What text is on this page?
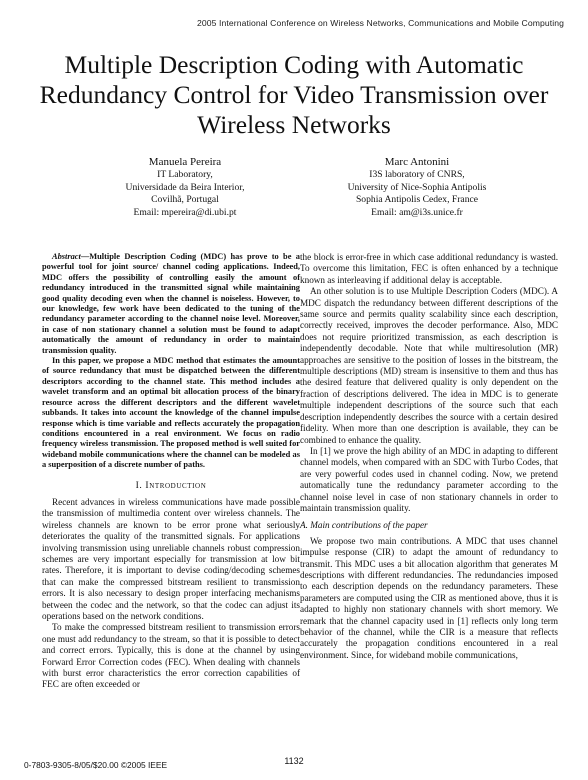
2005 International Conference on Wireless Networks, Communications and Mobile Computing
Multiple Description Coding with Automatic
Redundancy Control for Video Transmission over
Wireless Networks
Manuela Pereira
IT Laboratory,
Universidade da Beira Interior,
Covilhã, Portugal
Email: mpereira@di.ubi.pt
Marc Antonini
I3S laboratory of CNRS,
University of Nice-Sophia Antipolis
Sophia Antipolis Cedex, France
Email: am@i3s.unice.fr

Abstract—Multiple Description Coding (MDC) has prove to be a powerful tool for joint source/ channel coding applications. Indeed, MDC offers the possibility of controlling easily the amount of redundancy introduced in the transmitted signal while maintaining good quality decoding even when the channel is noiseless. However, to our knowledge, few work have been dedicated to the tuning of the redundancy parameter according to the channel noise level. Moreover, in case of non stationary channel a solution must be found to adapt automatically the amount of redundancy in order to maintain transmission quality.

In this paper, we propose a MDC method that estimates the amount of source redundancy that must be dispatched between the different descriptors according to the channel state. This method includes a wavelet transform and an optimal bit allocation process of the binary resource across the different descriptors and the different wavelet subbands. It takes into account the knowledge of the channel impulse response which is time variable and reflects accurately the propagation conditions encountered in a real environment. We focus on radio frequency wireless transmission. The proposed method is well suited for wideband mobile communications where the channel can be modeled as a superposition of a discrete number of paths.

I. Introduction

Recent advances in wireless communications have made possible the transmission of multimedia content over wireless channels. The wireless channels are known to be error prone what seriously deteriorates the quality of the transmitted signals. For applications involving transmission using unreliable channels robust compression schemes are very important especially for transmission at low bit rates. Therefore, it is important to devise coding/decoding schemes that can make the compressed bitstream resilient to transmission errors. It is also necessary to design proper interfacing mechanisms between the codec and the network, so that the codec can adjust its operations based on the network conditions.

To make the compressed bitstream resilient to transmission errors one must add redundancy to the stream, so that it is possible to detect and correct errors. Typically, this is done at the channel by using Forward Error Correction codes (FEC). When dealing with channels with burst error characteristics the error correction capabilities of FEC are often exceeded or

the block is error-free in which case additional redundancy is wasted. To overcome this limitation, FEC is often enhanced by a technique known as interleaving if additional delay is acceptable.

An other solution is to use Multiple Description Coders (MDC). A MDC dispatch the redundancy between different descriptions of the same source and permits quality scalability since each description, correctly received, improves the decoder performance. Also, MDC does not require prioritized transmission, as each description is independently decodable. Note that while multiresolution (MR) approaches are sensitive to the position of losses in the bitstream, the multiple descriptions (MD) stream is insensitive to them and thus has the desired feature that delivered quality is only dependent on the fraction of descriptions delivered. The idea in MDC is to generate multiple independent descriptions of the source such that each description independently describes the source with a certain desired fidelity. When more than one description is available, they can be combined to enhance the quality.

In [1] we prove the high ability of an MDC in adapting to different channel models, when compared with an SDC with Turbo Codes, that are very powerful codes used in channel coding. Now, we pretend automatically tune the redundancy parameter according to the channel noise level in case of non stationary channels in order to maintain transmission quality.

A. Main contributions of the paper

We propose two main contributions. A MDC that uses channel impulse response (CIR) to adapt the amount of redundancy to transmit. This MDC uses a bit allocation algorithm that generates M descriptions with different redundancies. The redundancies imposed to each description depends on the redundancy parameters. These parameters are computed using the CIR as mentioned above, thus it is adapted to highly non stationary channels with short memory. We remark that the channel capacity used in [1] reflects only long term behavior of the channel, while the CIR is a measure that reflects accurately the propagation conditions encountered in a real environment. Since, for wideband mobile communications,

0-7803-9305-8/05/$20.00 ©2005 IEEE	1132
